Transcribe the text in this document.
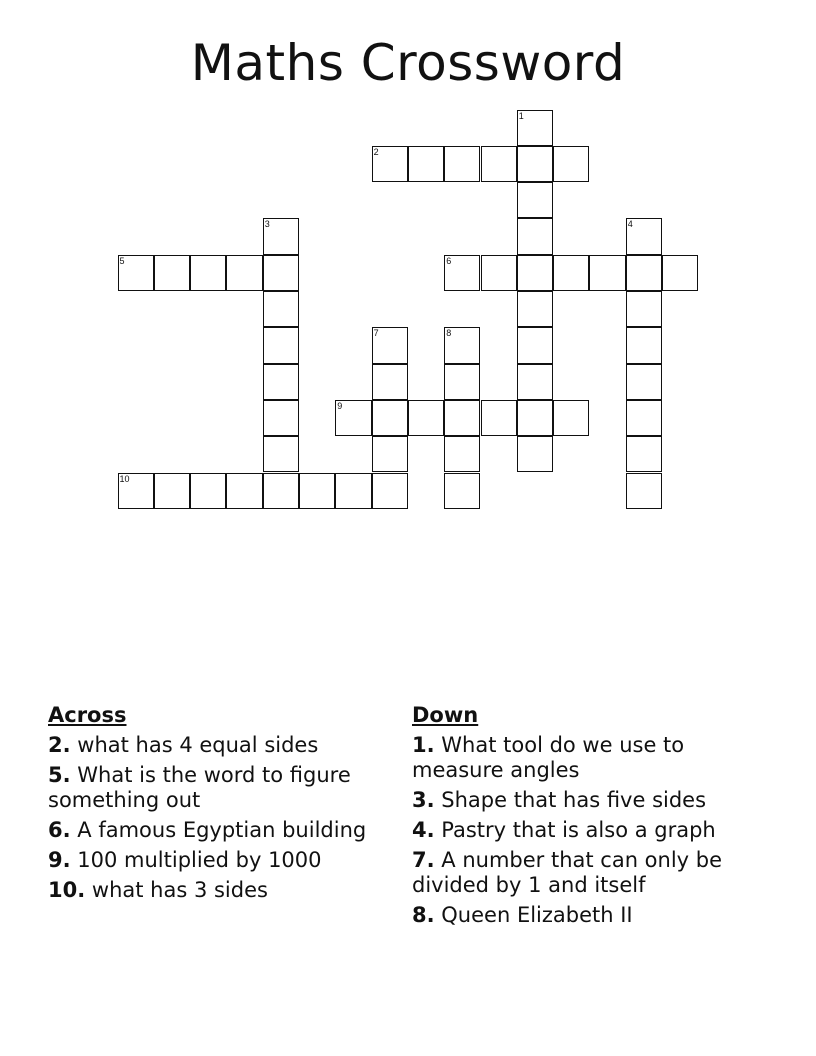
Maths Crossword
1
2
3	4
5	6
7	8
9
10
Across
2. what has 4 equal sides
5. What is the word to figure something out
6. A famous Egyptian building
9. 100 multiplied by 1000
10. what has 3 sides
Down
1. What tool do we use to measure angles
3. Shape that has five sides
4. Pastry that is also a graph
7. A number that can only be divided by 1 and itself
8. Queen Elizabeth II
